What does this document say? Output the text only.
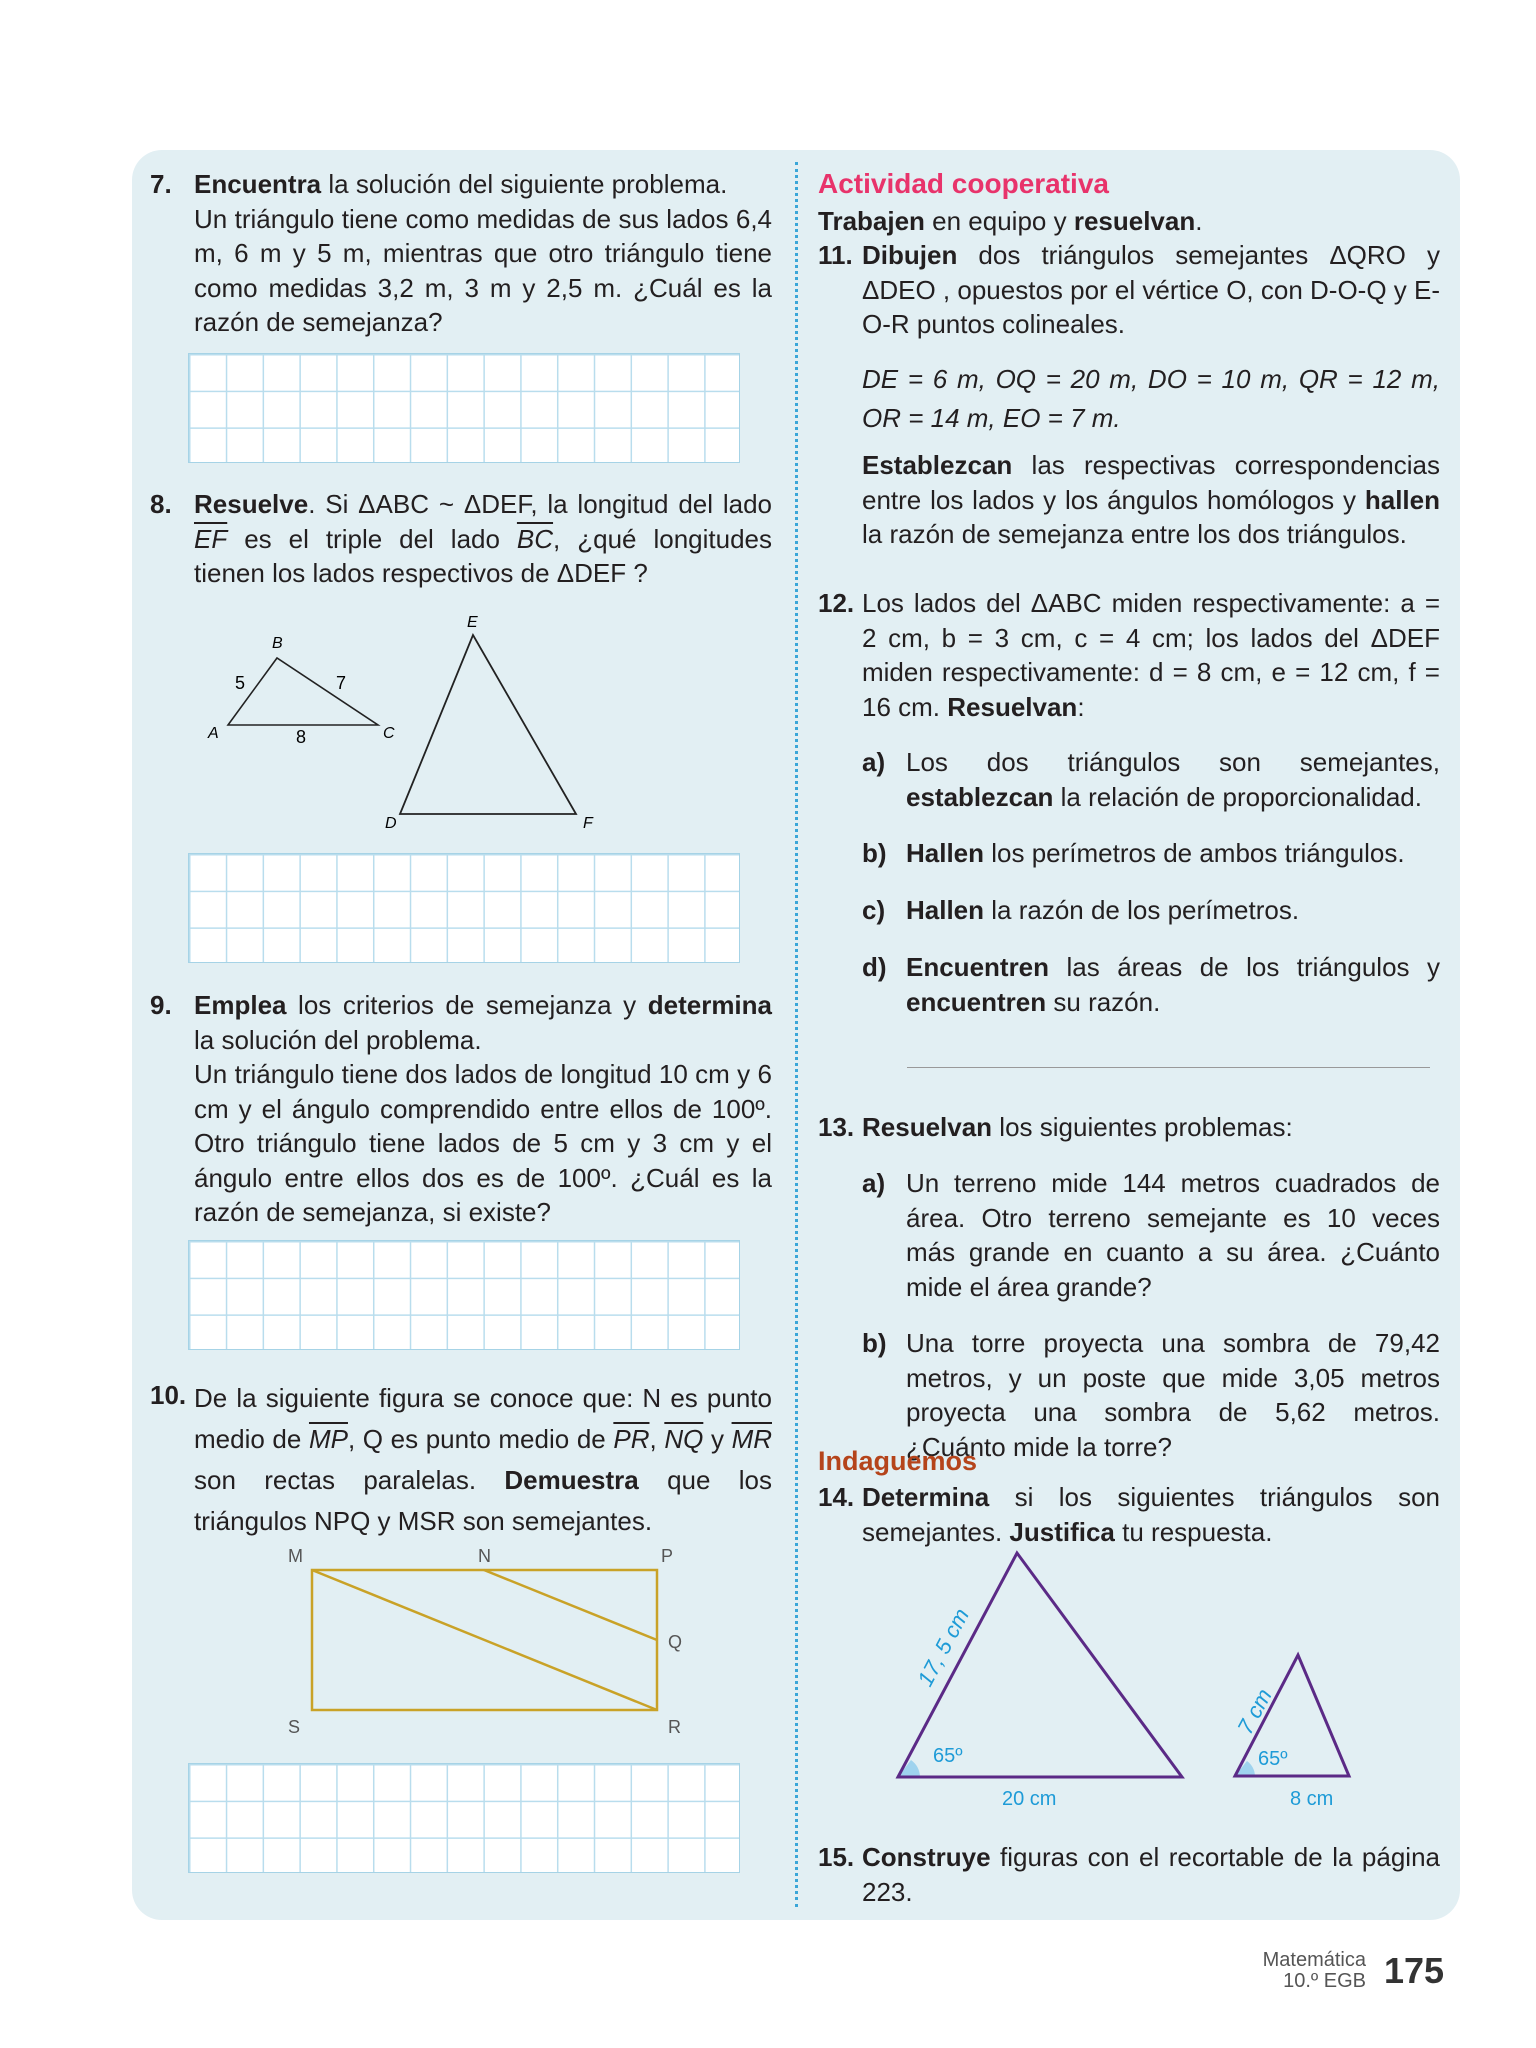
7. Encuentra la solución del siguiente problema.
Un triángulo tiene como medidas de sus lados 6,4 m, 6 m y 5 m, mientras que otro triángulo tiene como medidas 3,2 m, 3 m y 2,5 m. ¿Cuál es la razón de semejanza?
8. Resuelve. Si ΔABC ~ ΔDEF, la longitud del lado $\overline{EF}$ es el triple del lado $\overline{BC}$, ¿qué longitudes tienen los lados respectivos de ΔDEF ?
B
A	C
5	7
8
E
D	F
9. Emplea los criterios de semejanza y determina la solución del problema.
Un triángulo tiene dos lados de longitud 10 cm y 6 cm y el ángulo comprendido entre ellos de 100º. Otro triángulo tiene lados de 5 cm y 3 cm y el ángulo entre ellos dos es de 100º. ¿Cuál es la razón de semejanza, si existe?
10. De la siguiente figura se conoce que: N es punto medio de $\overline{MP}$, Q es punto medio de $\overline{PR}$, $\overline{NQ}$ y $\overline{MR}$ son rectas paralelas. Demuestra que los triángulos NPQ y MSR son semejantes.
M	N	P
Q
S	R
Actividad cooperativa
Trabajen en equipo y resuelvan.
11. Dibujen dos triángulos semejantes ΔQRO y ΔDEO , opuestos por el vértice O, con D-O-Q y E-O-R puntos colineales.
DE = 6 m, OQ = 20 m, DO = 10 m, QR = 12 m, OR = 14 m, EO = 7 m.
Establezcan las respectivas correspondencias entre los lados y los ángulos homólogos y hallen la razón de semejanza entre los dos triángulos.
12. Los lados del ΔABC miden respectivamente: a = 2 cm, b = 3 cm, c = 4 cm; los lados del ΔDEF miden respectivamente: d = 8 cm, e = 12 cm, f = 16 cm. Resuelvan:
a) Los dos triángulos son semejantes, establezcan la relación de proporcionalidad.
b) Hallen los perímetros de ambos triángulos.
c) Hallen la razón de los perímetros.
d) Encuentren las áreas de los triángulos y encuentren su razón.
13. Resuelvan los siguientes problemas:
a) Un terreno mide 144 metros cuadrados de área. Otro terreno semejante es 10 veces más grande en cuanto a su área. ¿Cuánto mide el área grande?
b) Una torre proyecta una sombra de 79,42 metros, y un poste que mide 3,05 metros proyecta una sombra de 5,62 metros. ¿Cuánto mide la torre?
Indaguemos
14. Determina si los siguientes triángulos son semejantes. Justifica tu respuesta.
17, 5 cm
65º
20 cm
7 cm
65º
8 cm
15. Construye figuras con el recortable de la página 223.
Matemática
10.º EGB 175
